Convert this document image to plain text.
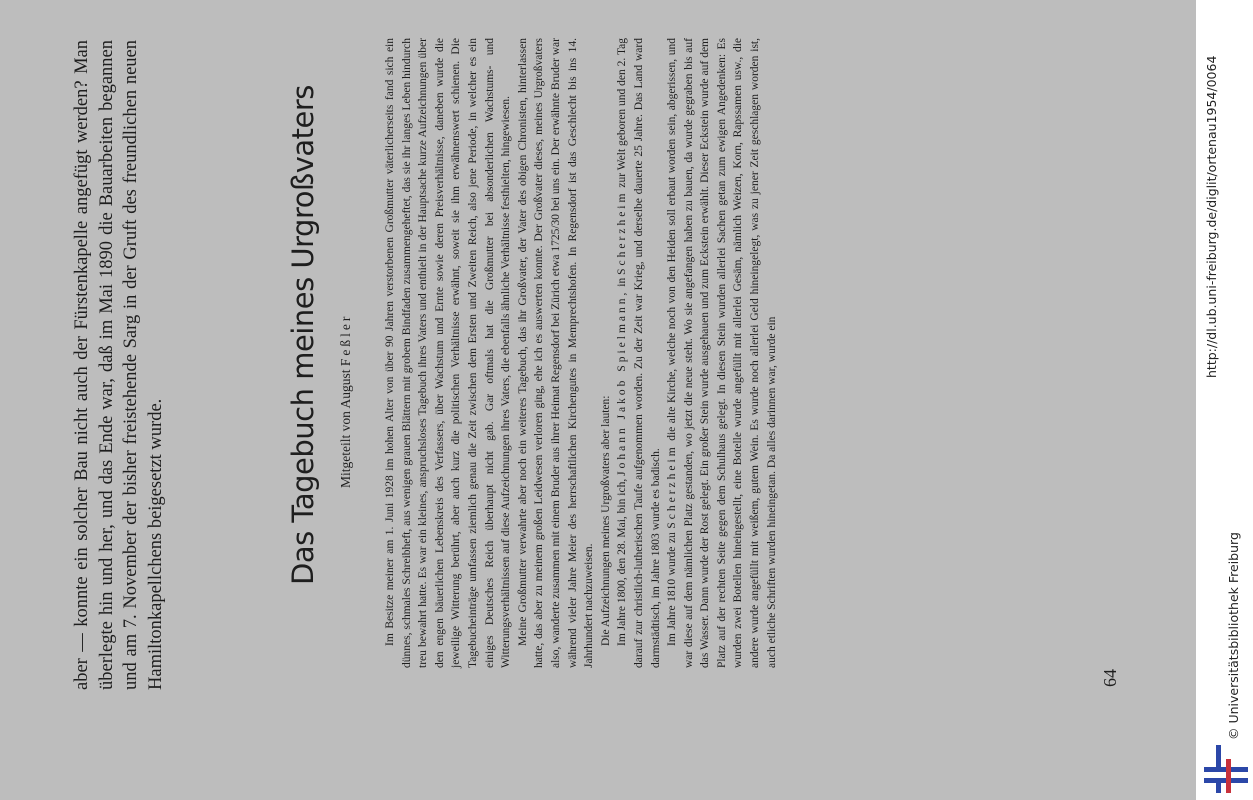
aber — konnte ein solcher Bau nicht auch der Fürstenkapelle angefügt werden? Man überlegte hin und her, und das Ende war, daß im Mai 1890 die Bauarbeiten begannen und am 7. November der bisher freistehende Sarg in der Gruft des freundlichen neuen Hamiltonkapellchens beigesetzt wurde.	64
Das Tagebuch meines Urgroßvaters Mitgeteilt von August Feßler	Im Besitze meiner am 1. Juni 1928 im hohen Alter von über 90 Jahren verstorbenen Großmutter väterlicherseits fand sich ein dünnes, schmales Schreibheft, aus wenigen grauen Blättern mit grobem Bindfaden zusammengeheftet, das sie ihr langes Leben hindurch treu bewahrt hatte. Es war ein kleines, anspruchsloses Tagebuch ihres Vaters und enthielt in der Hauptsache kurze Aufzeichnungen über den engen bäuerlichen Lebenskreis des Verfassers, über Wachstum und Ernte sowie deren Preisverhältnisse, daneben wurde die jeweilige Witterung berührt, aber auch kurz die politischen Verhältnisse erwähnt, soweit sie ihm erwähnenswert schienen. Die Tagebucheinträge umfassen ziemlich genau die Zeit zwischen dem Ersten und Zweiten Reich, also jene Periode, in welcher es ein einiges Deutsches Reich überhaupt nicht gab. Gar oftmals hat die Großmutter bei absonderlichen Wachstums- und Witterungsverhältnissen auf diese Aufzeichnungen ihres Vaters, die ebenfalls ähnliche Verhältnisse festhielten, hingewiesen. Meine Großmutter verwahrte aber noch ein weiteres Tagebuch, das ihr Großvater, der Vater des obigen Chronisten, hinterlassen hatte, das aber zu meinem großen Leidwesen verloren ging, ehe ich es auswerten konnte. Der Großvater dieses, meines Urgroßvaters also, wanderte zusammen mit einem Bruder aus ihrer Heimat Regensdorf bei Zürich etwa 1725/30 bei uns ein. Der erwähnte Bruder war während vieler Jahre Meier des herrschaftlichen Kirchengutes in Memprechtshofen. In Regensdorf ist das Geschlecht bis ins 14. Jahrhundert nachzuweisen. Die Aufzeichnungen meines Urgroßvaters aber lauten: Im Jahre 1800, den 28. Mai, bin ich, Johann Jakob Spielmann, in Scherzheim zur Welt geboren und den 2. Tag darauf zur christlich-lutherischen Taufe aufgenommen worden. Zu der Zeit war Krieg, und derselbe dauerte 25 Jahre. Das Land ward darmstädtisch, im Jahre 1803 wurde es badisch. Im Jahre 1810 wurde zu Scherzheim die alte Kirche, welche noch von den Heiden soll erbaut worden sein, abgerissen, und war diese auf dem nämlichen Platz gestanden, wo jetzt die neue steht. Wo sie angefangen haben zu bauen, da wurde gegraben bis auf das Wasser. Dann wurde der Rost gelegt. Ein großer Stein wurde ausgehauen und zum Eckstein erwählt. Dieser Eckstein wurde auf dem Platz auf der rechten Seite gegen dem Schulhaus gelegt. In diesen Stein wurden allerlei Sachen getan zum ewigen Angedenken: Es wurden zwei Botellen hineingestellt, eine Botelle wurde angefüllt mit allerlei Gesäm, nämlich Weizen, Korn, Rapssamen usw., die andere wurde angefüllt mit weißem, gutem Wein. Es wurde noch allerlei Geld hineingelegt, was zu jener Zeit geschlagen worden ist, auch etliche Schriften wurden hineingetan. Da alles darinnen war, wurde ein

http://dl.ub.uni-freiburg.de/diglit/ortenau1954/0064
© Universitätsbibliothek Freiburg
